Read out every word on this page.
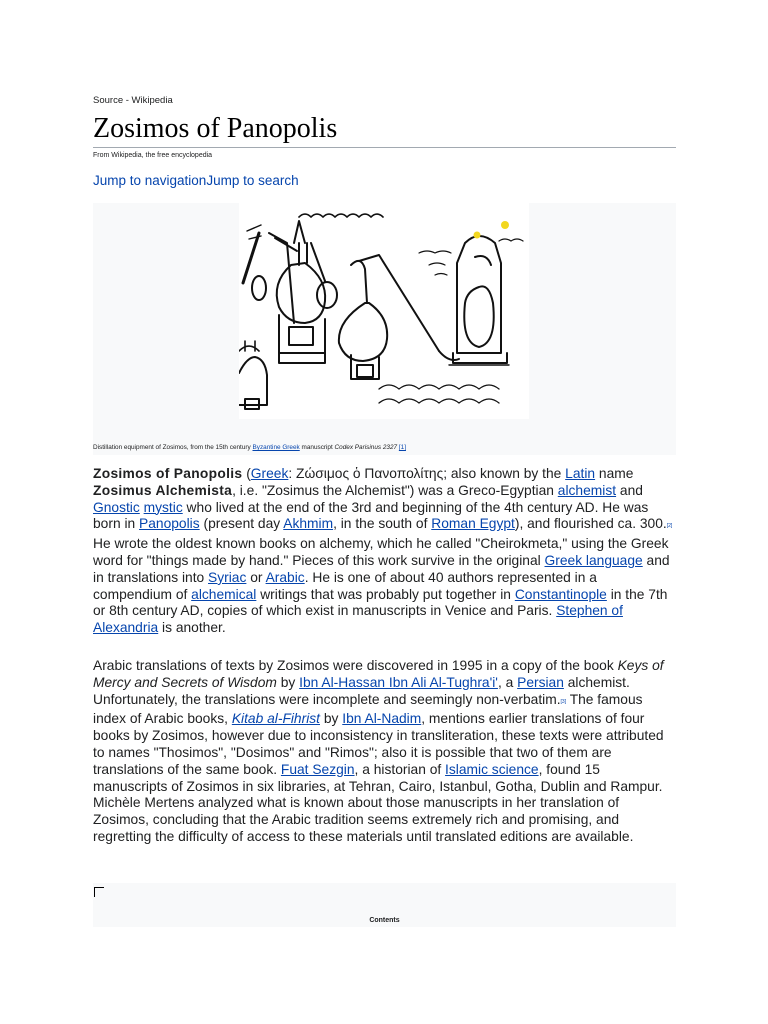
Source - Wikipedia
Zosimos of Panopolis
From Wikipedia, the free encyclopedia
Jump to navigationJump to search
Distillation equipment of Zosimos, from the 15th century Byzantine Greek manuscript Codex Parisinus 2327 [1]
Zosimos of Panopolis (Greek: Ζώσιμος ὁ Πανοπολίτης; also known by the Latin name Zosimus Alchemista, i.e. "Zosimus the Alchemist") was a Greco-Egyptian alchemist and Gnostic mystic who lived at the end of the 3rd and beginning of the 4th century AD. He was born in Panopolis (present day Akhmim, in the south of Roman Egypt), and flourished ca. 300.[2] He wrote the oldest known books on alchemy, which he called "Cheirokmeta," using the Greek word for "things made by hand." Pieces of this work survive in the original Greek language and in translations into Syriac or Arabic. He is one of about 40 authors represented in a compendium of alchemical writings that was probably put together in Constantinople in the 7th or 8th century AD, copies of which exist in manuscripts in Venice and Paris. Stephen of Alexandria is another.
Arabic translations of texts by Zosimos were discovered in 1995 in a copy of the book Keys of Mercy and Secrets of Wisdom by Ibn Al-Hassan Ibn Ali Al-Tughra'i', a Persian alchemist. Unfortunately, the translations were incomplete and seemingly non-verbatim.[3] The famous index of Arabic books, Kitab al-Fihrist by Ibn Al-Nadim, mentions earlier translations of four books by Zosimos, however due to inconsistency in transliteration, these texts were attributed to names "Thosimos", "Dosimos" and "Rimos"; also it is possible that two of them are translations of the same book. Fuat Sezgin, a historian of Islamic science, found 15 manuscripts of Zosimos in six libraries, at Tehran, Cairo, Istanbul, Gotha, Dublin and Rampur. Michèle Mertens analyzed what is known about those manuscripts in her translation of Zosimos, concluding that the Arabic tradition seems extremely rich and promising, and regretting the difficulty of access to these materials until translated editions are available.
Contents
